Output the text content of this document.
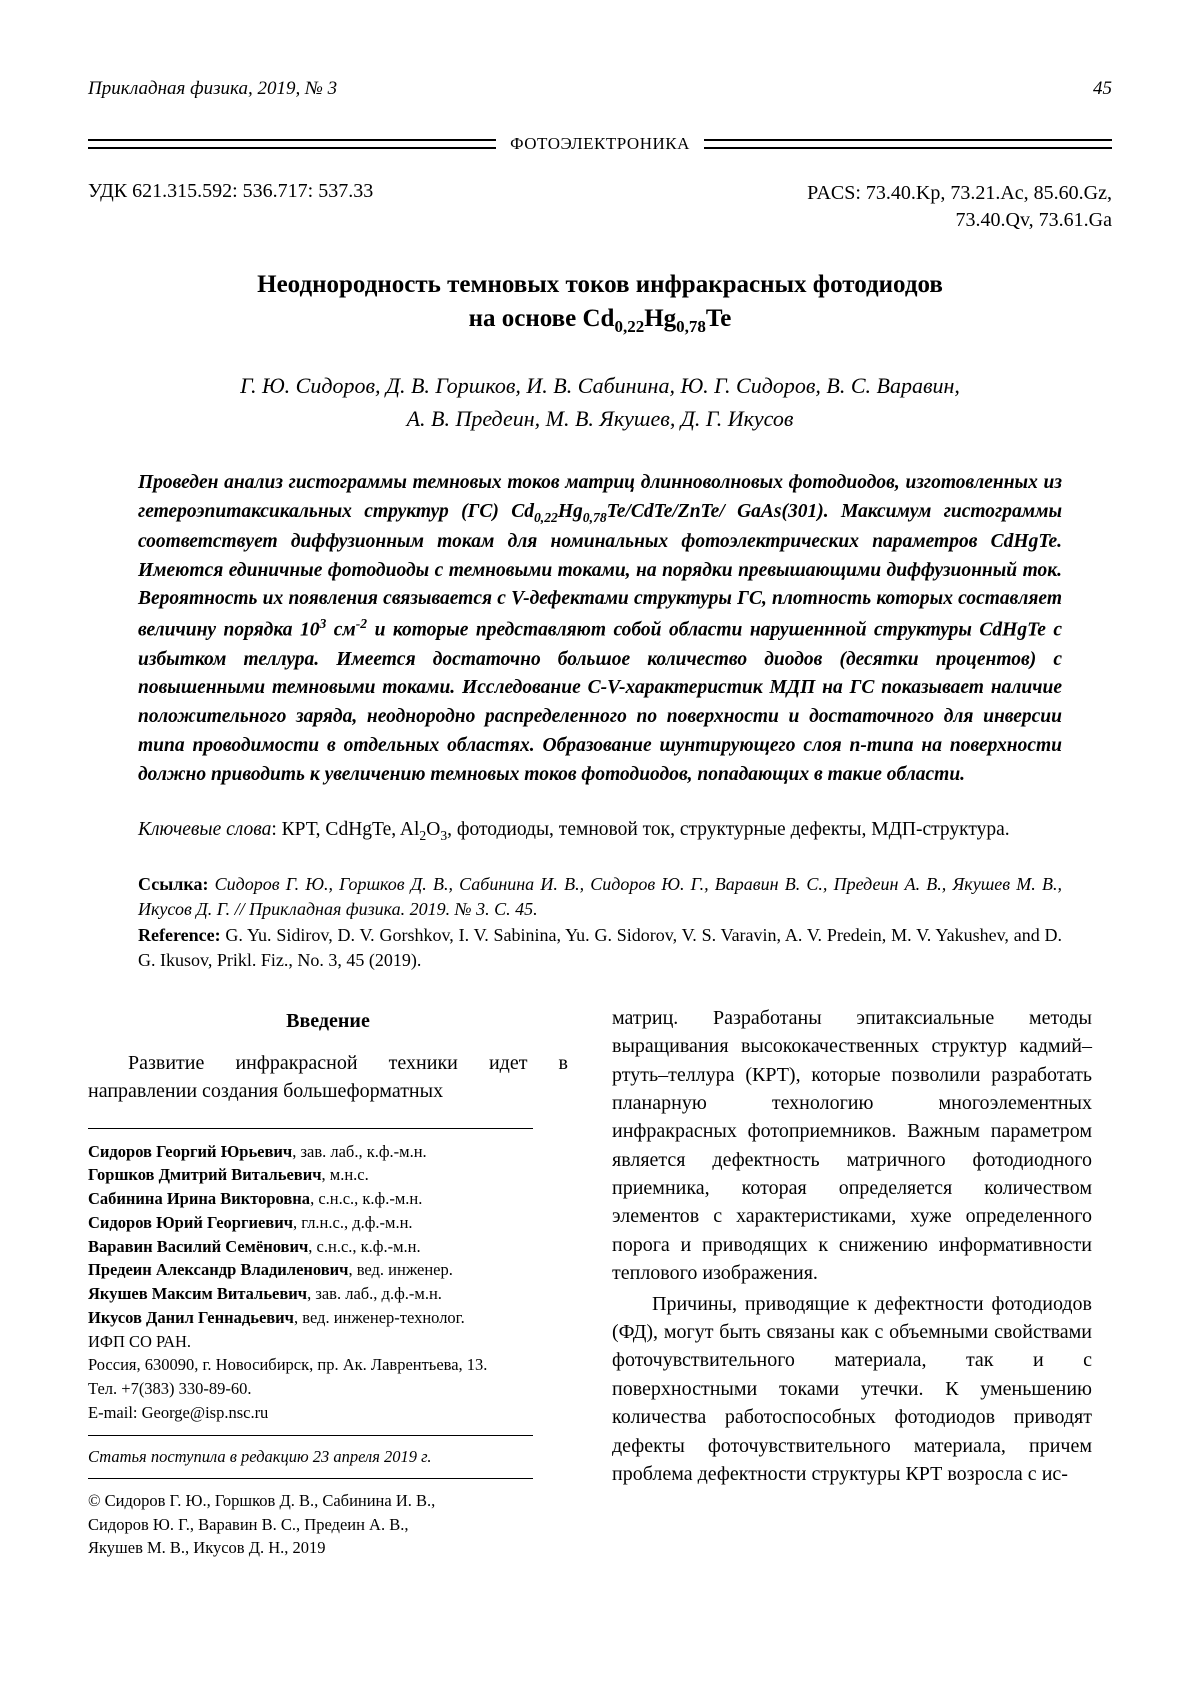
Прикладная физика, 2019, № 3	45
ФОТОЭЛЕКТРОНИКА
УДК 621.315.592: 536.717: 537.33	PACS: 73.40.Kp, 73.21.Ac, 85.60.Gz,
73.40.Qv, 73.61.Ga
Неоднородность темновых токов инфракрасных фотодиодов
на основе $Cd_{0,22}Hg_{0,78}Te$
Г. Ю. Сидоров, Д. В. Горшков, И. В. Сабинина, Ю. Г. Сидоров, В. С. Варавин,
А. В. Предеин, М. В. Якушев, Д. Г. Икусов
Проведен анализ гистограммы темновых токов матриц длинноволновых фотодиодов, изготовленных из гетероэпитаксикальных структур (ГС) $Cd_{0,22}Hg_{0,78}Te/CdTe/ZnTe/$ GaAs(301). Максимум гистограммы соответствует диффузионным токам для номинальных фотоэлектрических параметров CdHgTe. Имеются единичные фотодиоды с темновыми токами, на порядки превышающими диффузионный ток. Вероятность их появления связывается с V-дефектами структуры ГС, плотность которых составляет величину порядка $10^3$ $см^{-2}$ и которые представляют собой области нарушеннной структуры CdHgTe с избытком теллура. Имеется достаточно большое количество диодов (десятки процентов) с повышенными темновыми токами. Исследование C-V-характеристик МДП на ГС показывает наличие положительного заряда, неоднородно распределенного по поверхности и достаточного для инверсии типа проводимости в отдельных областях. Образование шунтирующего слоя n-типа на поверхности должно приводить к увеличению темновых токов фотодиодов, попадающих в такие области.
Ключевые слова: КРТ, CdHgTe, $Al_2O_3$, фотодиоды, темновой ток, структурные дефекты, МДП-структура.
Ссылка: Сидоров Г. Ю., Горшков Д. В., Сабинина И. В., Сидоров Ю. Г., Варавин В. С., Предеин А. В., Якушев М. В., Икусов Д. Г. // Прикладная физика. 2019. № 3. С. 45.
Reference: G. Yu. Sidirov, D. V. Gorshkov, I. V. Sabinina, Yu. G. Sidorov, V. S. Varavin, A. V. Predein, M. V. Yakushev, and D. G. Ikusov, Prikl. Fiz., No. 3, 45 (2019).
Введение

Развитие инфракрасной техники идет в направлении создания большеформатных

Сидоров Георгий Юрьевич, зав. лаб., к.ф.-м.н.
Горшков Дмитрий Витальевич, м.н.с.
Сабинина Ирина Викторовна, с.н.с., к.ф.-м.н.
Сидоров Юрий Георгиевич, гл.н.с., д.ф.-м.н.
Варавин Василий Семёнович, с.н.с., к.ф.-м.н.
Предеин Александр Владиленович, вед. инженер.
Якушев Максим Витальевич, зав. лаб., д.ф.-м.н.
Икусов Данил Геннадьевич, вед. инженер-технолог.
ИФП СО РАН.
Россия, 630090, г. Новосибирск, пр. Ак. Лаврентьева, 13.
Тел. +7(383) 330-89-60.
E-mail: George@isp.nsc.ru
Статья поступила в редакцию 23 апреля 2019 г.
© Сидоров Г. Ю., Горшков Д. В., Сабинина И. В.,
Сидоров Ю. Г., Варавин В. С., Предеин А. В.,
Якушев М. В., Икусов Д. Н., 2019

матриц. Разработаны эпитаксиальные методы выращивания высококачественных структур кадмий–ртуть–теллура (КРТ), которые позволили разработать планарную технологию многоэлементных инфракрасных фотоприемников. Важным параметром является дефектность матричного фотодиодного приемника, которая определяется количеством элементов с характеристиками, хуже определенного порога и приводящих к снижению информативности теплового изображения.

Причины, приводящие к дефектности фотодиодов (ФД), могут быть связаны как с объемными свойствами фоточувствительного материала, так и с поверхностными токами утечки. К уменьшению количества работоспособных фотодиодов приводят дефекты фоточувствительного материала, причем проблема дефектности структуры КРТ возросла с ис-
